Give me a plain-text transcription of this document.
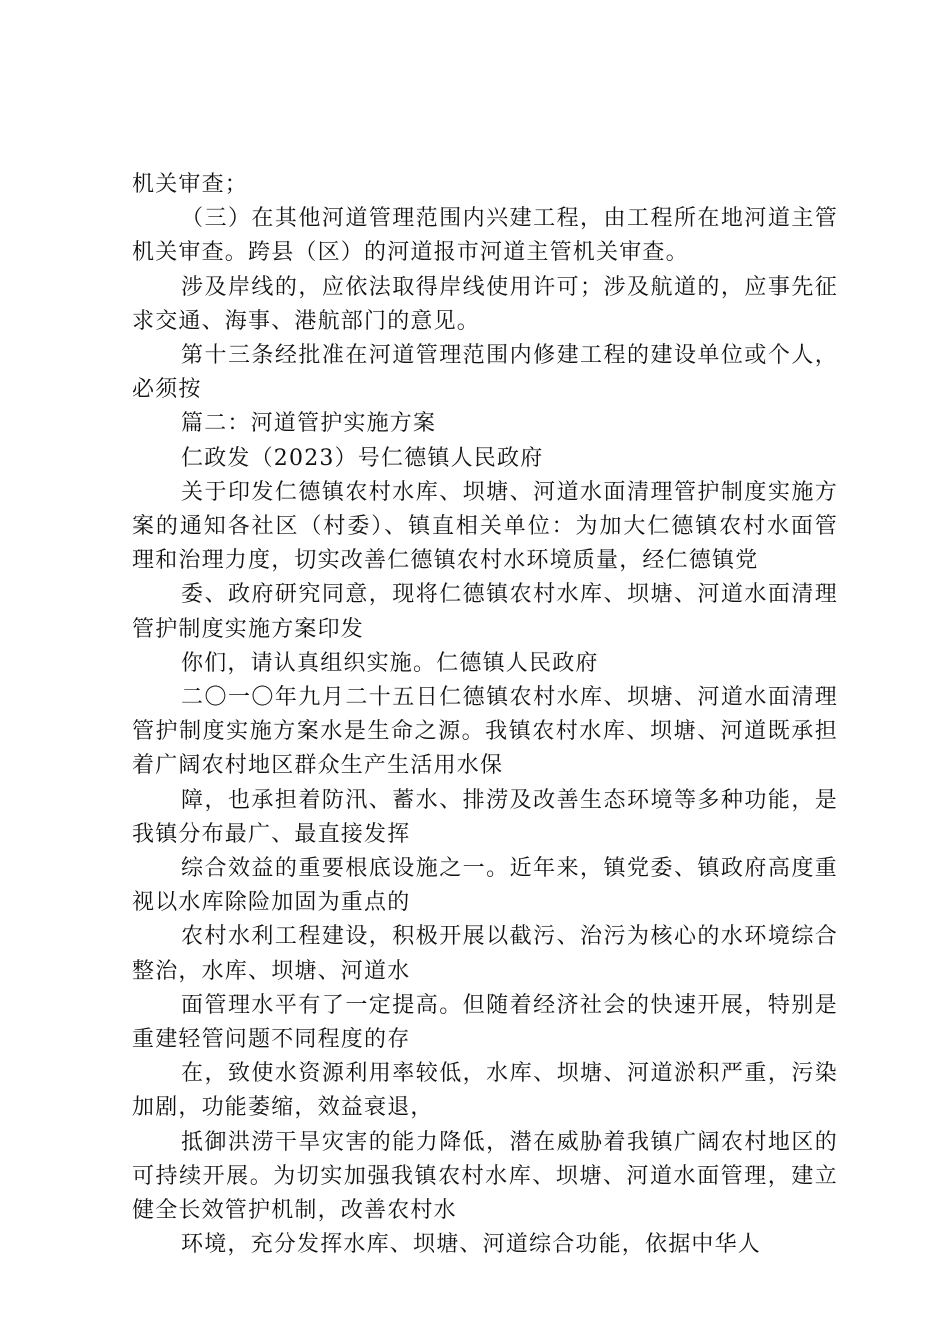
机关审查；

（三）在其他河道管理范围内兴建工程，由工程所在地河道主管机关审查。跨县（区）的河道报市河道主管机关审查。

涉及岸线的，应依法取得岸线使用许可；涉及航道的，应事先征求交通、海事、港航部门的意见。

第十三条经批准在河道管理范围内修建工程的建设单位或个人，必须按

篇二：河道管护实施方案

仁政发（2023）号仁德镇人民政府

关于印发仁德镇农村水库、坝塘、河道水面清理管护制度实施方案的通知各社区（村委）、镇直相关单位：为加大仁德镇农村水面管理和治理力度，切实改善仁德镇农村水环境质量，经仁德镇党

委、政府研究同意，现将仁德镇农村水库、坝塘、河道水面清理管护制度实施方案印发

你们，请认真组织实施。仁德镇人民政府

二〇一〇年九月二十五日仁德镇农村水库、坝塘、河道水面清理管护制度实施方案水是生命之源。我镇农村水库、坝塘、河道既承担着广阔农村地区群众生产生活用水保

障，也承担着防汛、蓄水、排涝及改善生态环境等多种功能，是我镇分布最广、最直接发挥

综合效益的重要根底设施之一。近年来，镇党委、镇政府高度重视以水库除险加固为重点的

农村水利工程建设，积极开展以截污、治污为核心的水环境综合整治，水库、坝塘、河道水

面管理水平有了一定提高。但随着经济社会的快速开展，特别是重建轻管问题不同程度的存

在，致使水资源利用率较低，水库、坝塘、河道淤积严重，污染加剧，功能萎缩，效益衰退，

抵御洪涝干旱灾害的能力降低，潜在威胁着我镇广阔农村地区的可持续开展。为切实加强我镇农村水库、坝塘、河道水面管理，建立健全长效管护机制，改善农村水

环境，充分发挥水库、坝塘、河道综合功能，依据中华人
